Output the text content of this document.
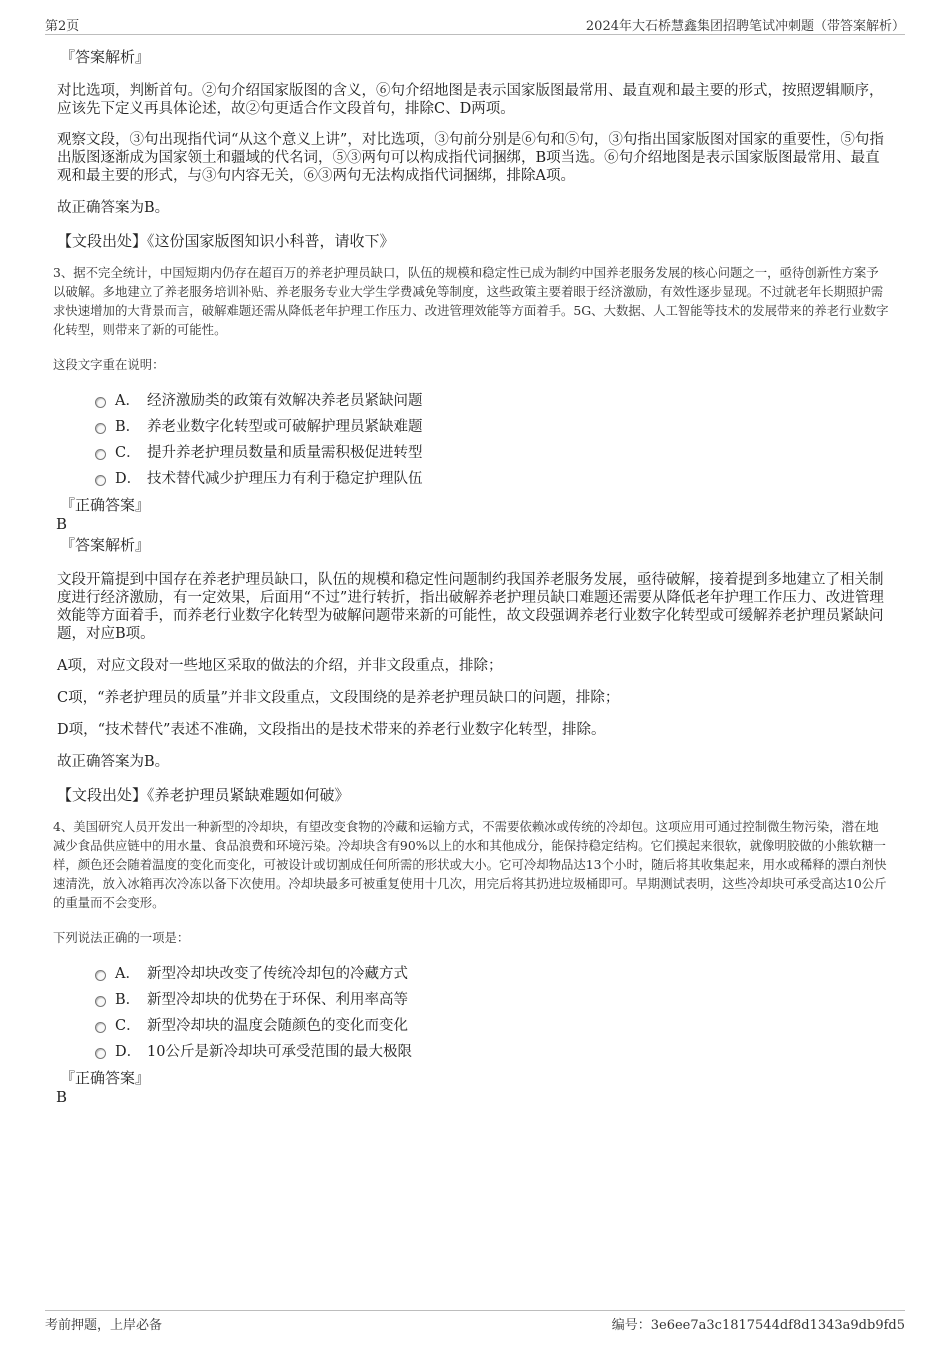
第2页	2024年大石桥慧鑫集团招聘笔试冲刺题（带答案解析）
『答案解析』

对比选项，判断首句。②句介绍国家版图的含义，⑥句介绍地图是表示国家版图最常用、最直观和最主要的形式，按照逻辑顺序，应该先下定义再具体论述，故②句更适合作文段首句，排除C、D两项。

观察文段，③句出现指代词“从这个意义上讲”，对比选项，③句前分别是⑥句和⑤句，③句指出国家版图对国家的重要性，⑤句指出版图逐渐成为国家领土和疆域的代名词，⑤③两句可以构成指代词捆绑，B项当选。⑥句介绍地图是表示国家版图最常用、最直观和最主要的形式，与③句内容无关，⑥③两句无法构成指代词捆绑，排除A项。

故正确答案为B。

【文段出处】《这份国家版图知识小科普，请收下》

3、据不完全统计，中国短期内仍存在超百万的养老护理员缺口，队伍的规模和稳定性已成为制约中国养老服务发展的核心问题之一，亟待创新性方案予以破解。多地建立了养老服务培训补贴、养老服务专业大学生学费减免等制度，这些政策主要着眼于经济激励，有效性逐步显现。不过就老年长期照护需求快速增加的大背景而言，破解难题还需从降低老年护理工作压力、改进管理效能等方面着手。5G、大数据、人工智能等技术的发展带来的养老行业数字化转型，则带来了新的可能性。

这段文字重在说明：

A． 经济激励类的政策有效解决养老员紧缺问题
B． 养老业数字化转型或可破解护理员紧缺难题
C． 提升养老护理员数量和质量需积极促进转型
D． 技术替代减少护理压力有利于稳定护理队伍
『正确答案』
B
『答案解析』

文段开篇提到中国存在养老护理员缺口，队伍的规模和稳定性问题制约我国养老服务发展，亟待破解，接着提到多地建立了相关制度进行经济激励，有一定效果，后面用“不过”进行转折，指出破解养老护理员缺口难题还需要从降低老年护理工作压力、改进管理效能等方面着手，而养老行业数字化转型为破解问题带来新的可能性，故文段强调养老行业数字化转型或可缓解养老护理员紧缺问题，对应B项。

A项，对应文段对一些地区采取的做法的介绍，并非文段重点，排除；

C项，“养老护理员的质量”并非文段重点，文段围绕的是养老护理员缺口的问题，排除；

D项，“技术替代”表述不准确，文段指出的是技术带来的养老行业数字化转型，排除。

故正确答案为B。

【文段出处】《养老护理员紧缺难题如何破》

4、美国研究人员开发出一种新型的冷却块，有望改变食物的冷藏和运输方式，不需要依赖冰或传统的冷却包。这项应用可通过控制微生物污染，潜在地减少食品供应链中的用水量、食品浪费和环境污染。冷却块含有90%以上的水和其他成分，能保持稳定结构。它们摸起来很软，就像明胶做的小熊软糖一样，颜色还会随着温度的变化而变化，可被设计或切割成任何所需的形状或大小。它可冷却物品达13个小时，随后将其收集起来，用水或稀释的漂白剂快速清洗，放入冰箱再次冷冻以备下次使用。冷却块最多可被重复使用十几次，用完后将其扔进垃圾桶即可。早期测试表明，这些冷却块可承受高达10公斤的重量而不会变形。

下列说法正确的一项是：

A． 新型冷却块改变了传统冷却包的冷藏方式
B． 新型冷却块的优势在于环保、利用率高等
C． 新型冷却块的温度会随颜色的变化而变化
D． 10公斤是新冷却块可承受范围的最大极限
『正确答案』
B
考前押题，上岸必备	编号：3e6ee7a3c1817544df8d1343a9db9fd5
